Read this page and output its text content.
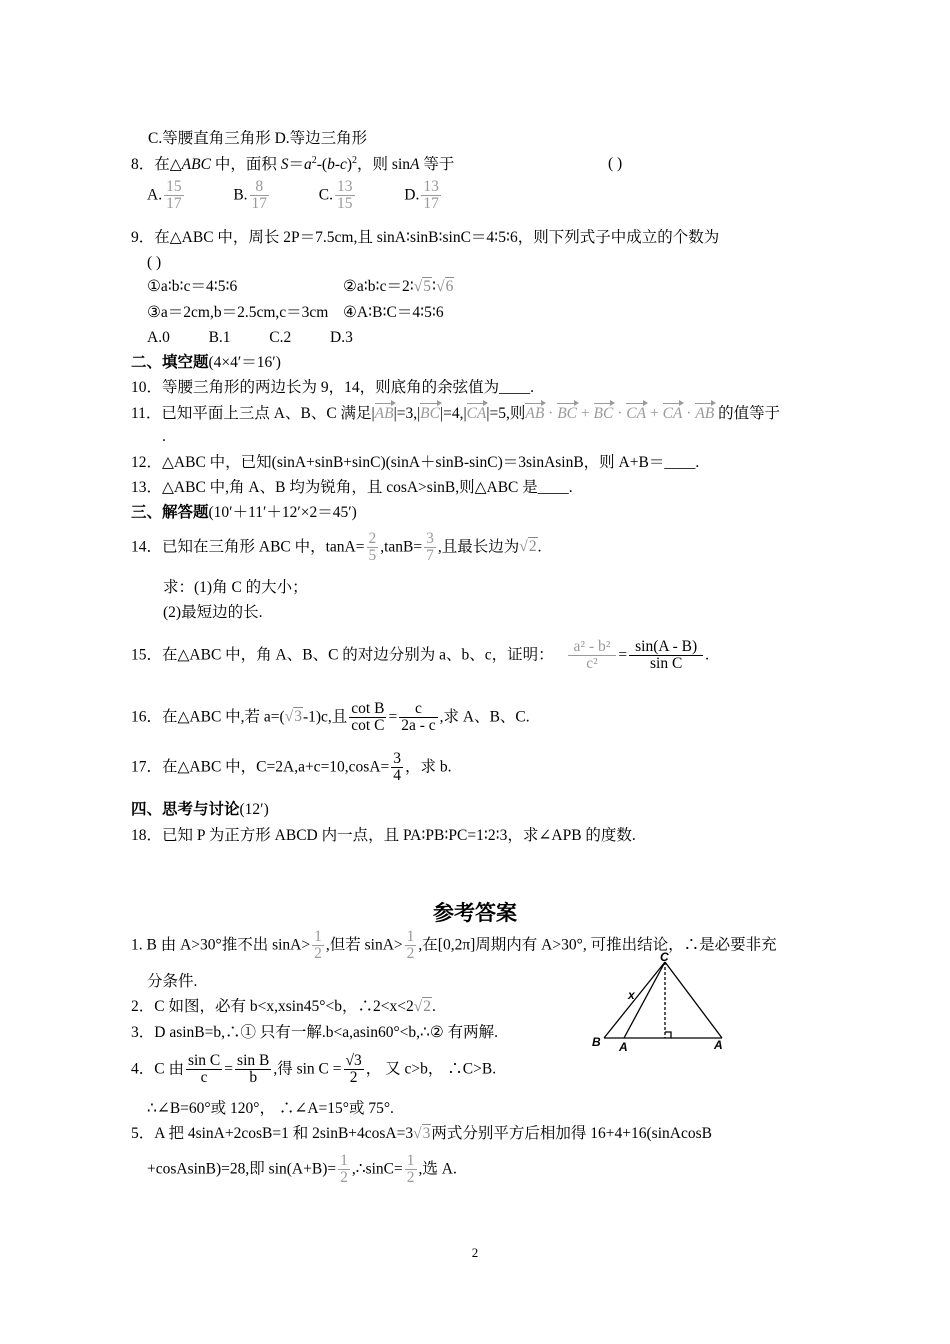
C.等腰直角三角形 D.等边三角形
8．在△ABC 中，面积 $S=a^2-(b-c)^2$，则 sinA 等于	( )
A. $\frac{15}{17}$	B. $\frac{8}{17}$	C. $\frac{13}{15}$	D. $\frac{13}{17}$
9．在△ABC 中，周长 2P＝7.5cm,且 sinA∶sinB∶sinC＝4∶5∶6，则下列式子中成立的个数为
( )
①a∶b∶c＝4∶5∶6	②a∶b∶c＝2∶√5∶√6
③a＝2cm,b＝2.5cm,c＝3cm ④A∶B∶C＝4∶5∶6
A.0          B.1          C.2          D.3
二、填空题(4×4′＝16′)
10．等腰三角形的两边长为 9，14，则底角的余弦值为____.
11．已知平面上三点 A、B、C 满足|AB|=3,|BC|=4,|CA|=5,则AB · BC + BC · CA + CA · AB 的值等于
.
12．△ABC 中，已知(sinA+sinB+sinC)(sinA＋sinB-sinC)＝3sinAsinB，则 A+B＝____.
13．△ABC 中,角 A、B 均为锐角，且 cosA>sinB,则△ABC 是____.
三、解答题(10′＋11′＋12′×2＝45′)
14．已知在三角形 ABC 中，$\tan A= \frac{2}{5} ,\tan B= \frac{3}{7}$ ,且最长边为√2.
求：(1)角 C 的大小；
(2)最短边的长.
15．在△ABC 中，角 A、B、C 的对边分别为 a、b、c，证明： $\frac{\text{a² - b²}}{\text{c²}} = \frac{\sin(A - B)}{\text{sin C}}$ .
16．在△ABC 中,若 a=(√3-1)c,且 $\frac{\text{cot B}}{\text{cot C}} = \frac{c}{2a - c}$ ,求 A、B、C.
17．在△ABC 中，$C=2A,a+c=10,\cos A= \frac{3}{4}$ ，求 b.
四、思考与讨论(12′)
18．已知 P 为正方形 ABCD 内一点，且 PA∶PB∶PC=1∶2∶3，求∠APB 的度数.
参考答案
1. B 由 A>30°推不出 $\sin A> \frac{1}{2}$ ,但若 $\sin A> \frac{1}{2}$ ,在[0,2π]周期内有 A>30°, 可推出结论，∴是必要非充
分条件.
2．C 如图，必有 b<x,xsin45°<b，∴2<x<2√2.
3．D asinB=b,∴① 只有一解.b<a,asin60°<b,∴② 有两解.
4．C 由 $\frac{\text{sin C}}{c} = \frac{\text{sin B}}{b}$ ,得 $\sin C = \frac{√3}{2}$ ， 又 c>b， ∴C>B.
∴∠B=60°或 120°， ∴∠A=15°或 75°.
5．A 把 4sinA+2cosB=1 和 2sinB+4cosA=3√3两式分别平方后相加得 16+4+16(sinAcosB
+cosAsinB)=28,即 $\sin(A+B)= \frac{1}{2}$ ,∴sinC= $\frac{1}{2}$ ,选 A.
C
x
B A	A
2
